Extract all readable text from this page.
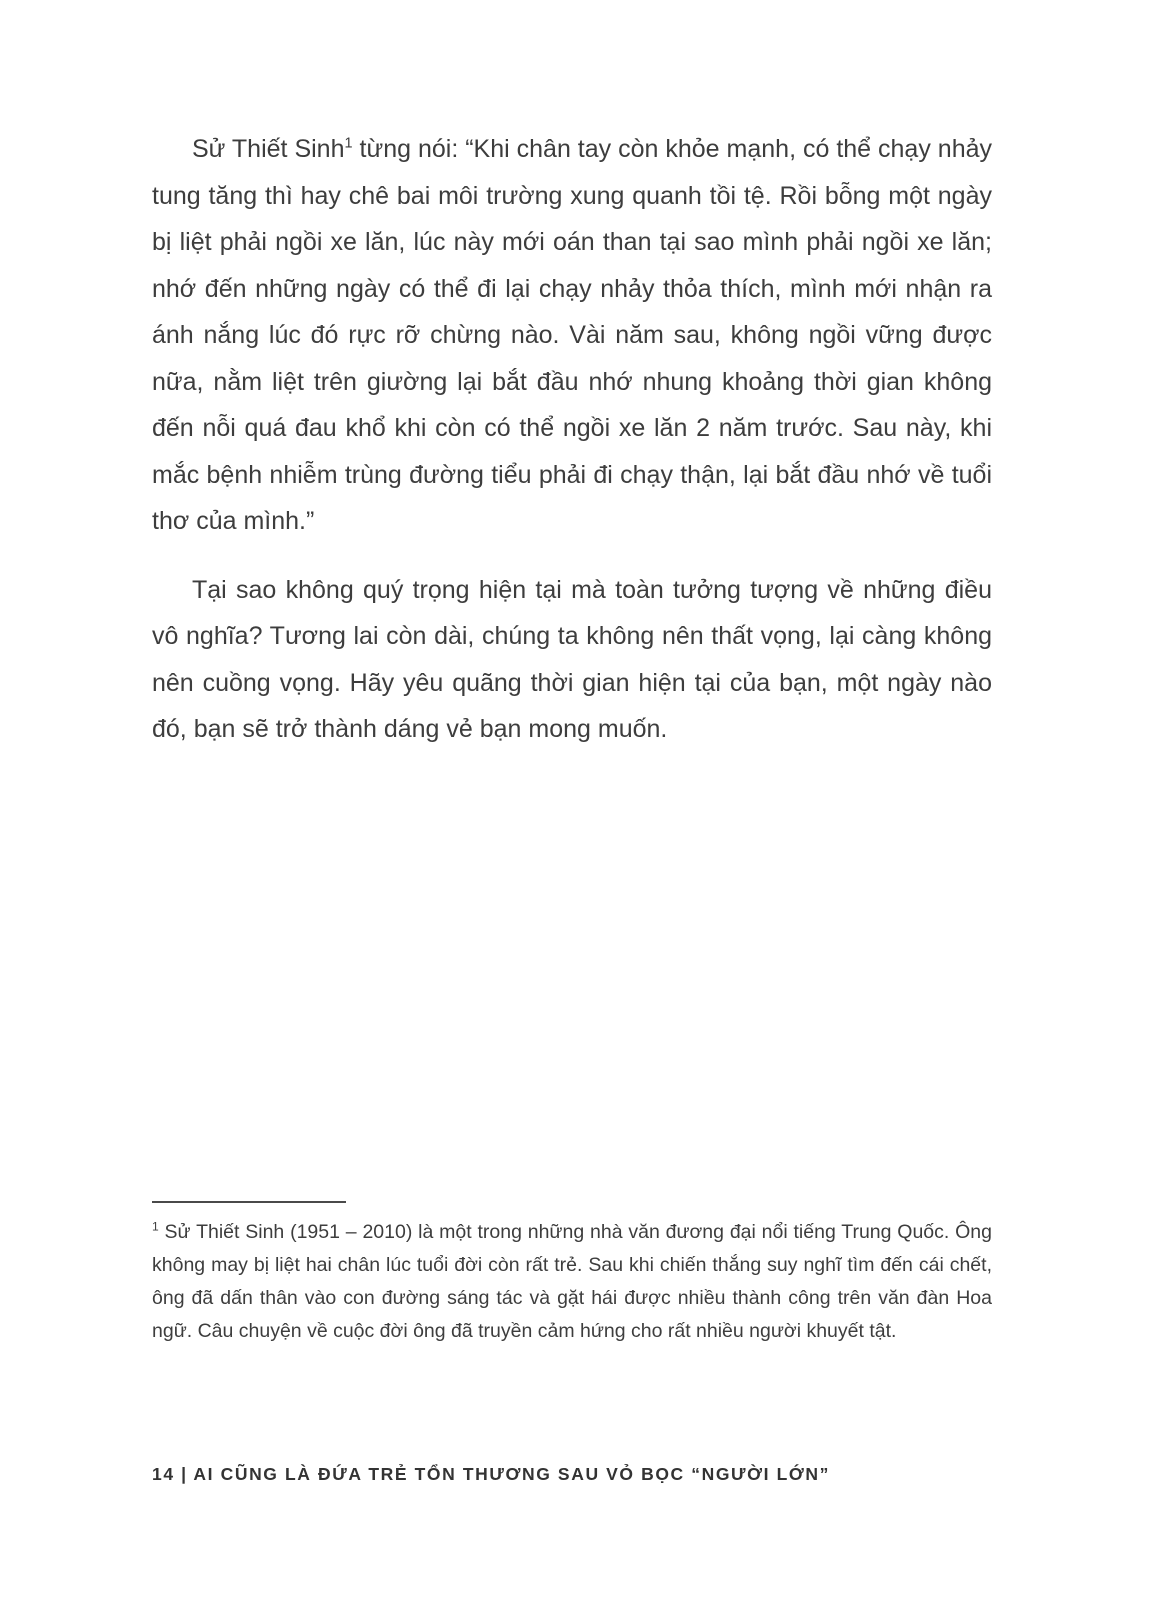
Sử Thiết Sinh$^1$ từng nói: “Khi chân tay còn khỏe mạnh, có thể chạy nhảy tung tăng thì hay chê bai môi trường xung quanh tồi tệ. Rồi bỗng một ngày bị liệt phải ngồi xe lăn, lúc này mới oán than tại sao mình phải ngồi xe lăn; nhớ đến những ngày có thể đi lại chạy nhảy thỏa thích, mình mới nhận ra ánh nắng lúc đó rực rỡ chừng nào. Vài năm sau, không ngồi vững được nữa, nằm liệt trên giường lại bắt đầu nhớ nhung khoảng thời gian không đến nỗi quá đau khổ khi còn có thể ngồi xe lăn 2 năm trước. Sau này, khi mắc bệnh nhiễm trùng đường tiểu phải đi chạy thận, lại bắt đầu nhớ về tuổi thơ của mình.”

Tại sao không quý trọng hiện tại mà toàn tưởng tượng về những điều vô nghĩa? Tương lai còn dài, chúng ta không nên thất vọng, lại càng không nên cuồng vọng. Hãy yêu quãng thời gian hiện tại của bạn, một ngày nào đó, bạn sẽ trở thành dáng vẻ bạn mong muốn.

$^1$ Sử Thiết Sinh (1951 – 2010) là một trong những nhà văn đương đại nổi tiếng Trung Quốc. Ông không may bị liệt hai chân lúc tuổi đời còn rất trẻ. Sau khi chiến thắng suy nghĩ tìm đến cái chết, ông đã dấn thân vào con đường sáng tác và gặt hái được nhiều thành công trên văn đàn Hoa ngữ. Câu chuyện về cuộc đời ông đã truyền cảm hứng cho rất nhiều người khuyết tật.

14 | AI CŨNG LÀ ĐỨA TRẺ TỔN THƯƠNG SAU VỎ BỌC “NGƯỜI LỚN”
